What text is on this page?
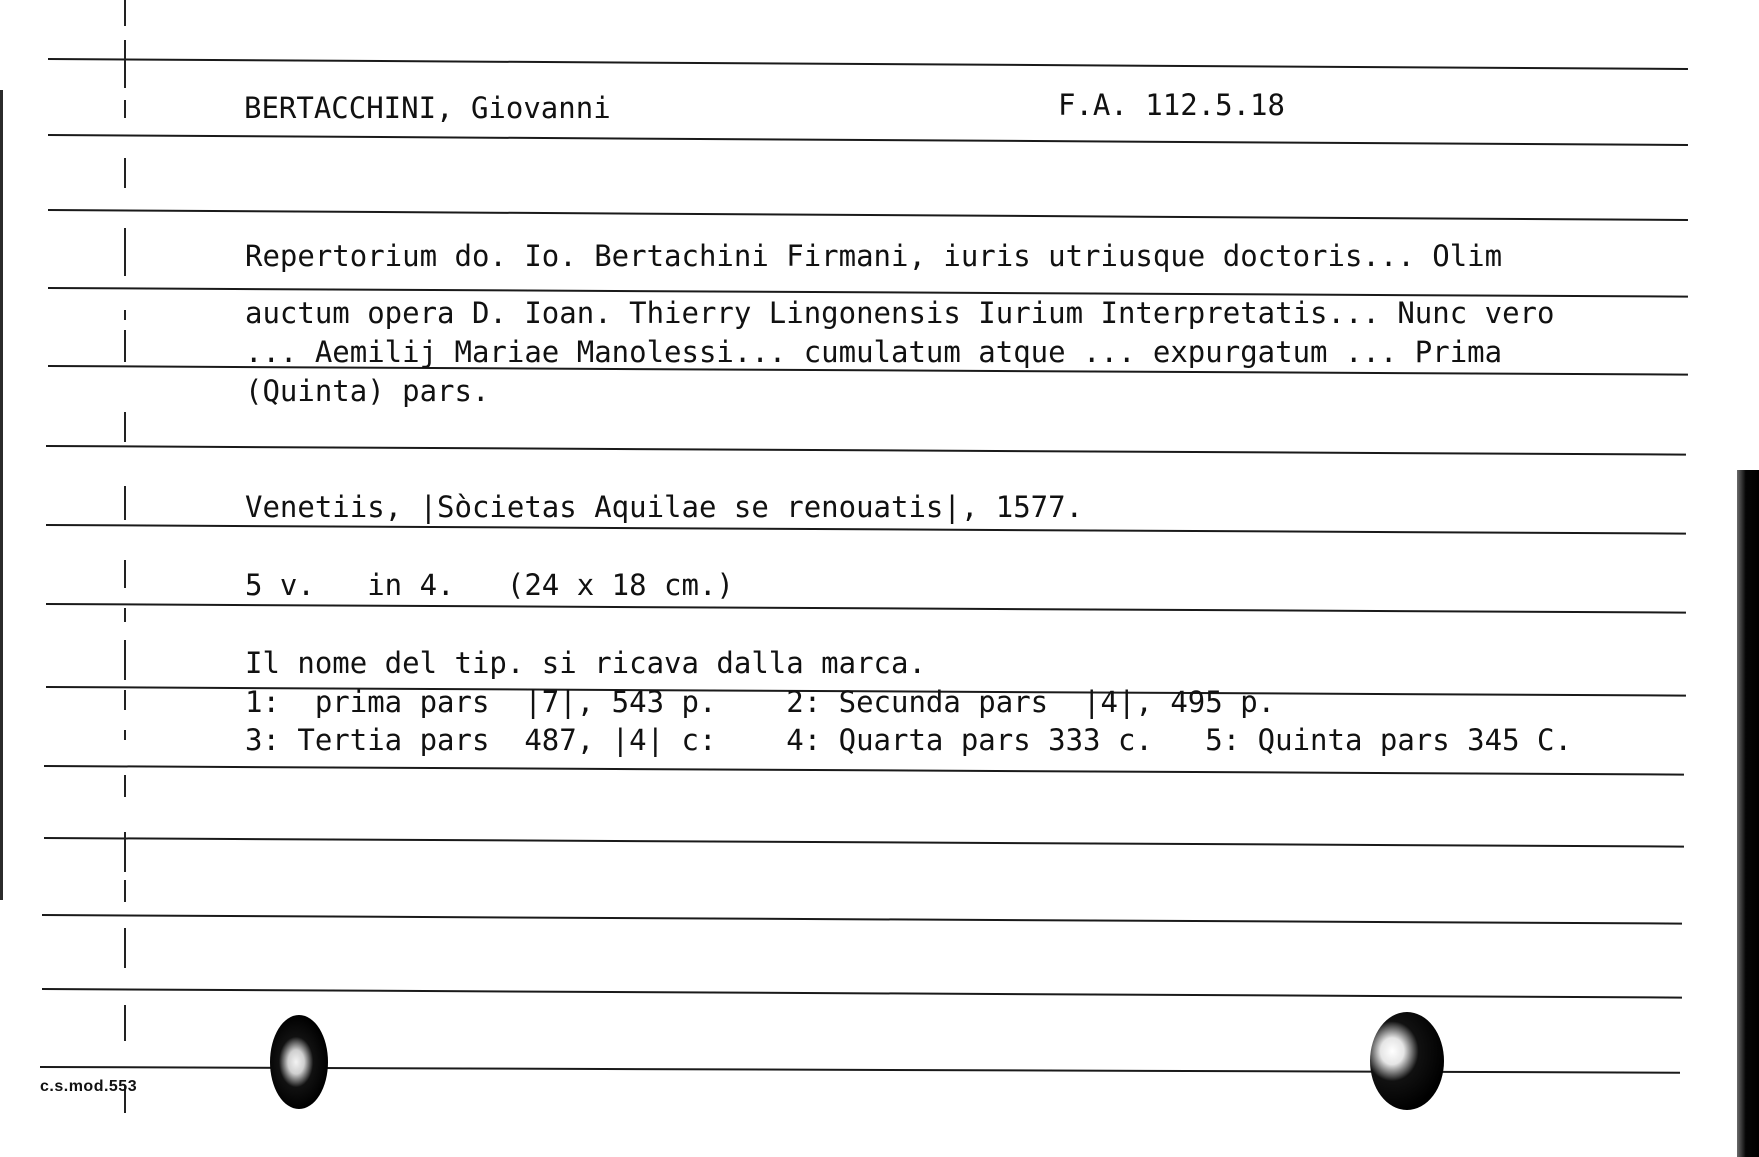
BERTACCHINI, Giovanni	F.A. 112.5.18
Repertorium do. Io. Bertachini Firmani, iuris utriusque doctoris... Olim
auctum opera D. Ioan. Thierry Lingonensis Iurium Interpretatis... Nunc vero
... Aemilij Mariae Manolessi... cumulatum atque ... expurgatum ... Prima
(Quinta) pars.
Venetiis, |Sòcietas Aquilae se renouatis|, 1577.
5 v.   in 4.   (24 x 18 cm.)
Il nome del tip. si ricava dalla marca.
1:  prima pars  |7|, 543 p.    2: Secunda pars  |4|, 495 p.
3: Tertia pars  487, |4| c:    4: Quarta pars 333 c.   5: Quinta pars 345 C.
c.s.mod.553
